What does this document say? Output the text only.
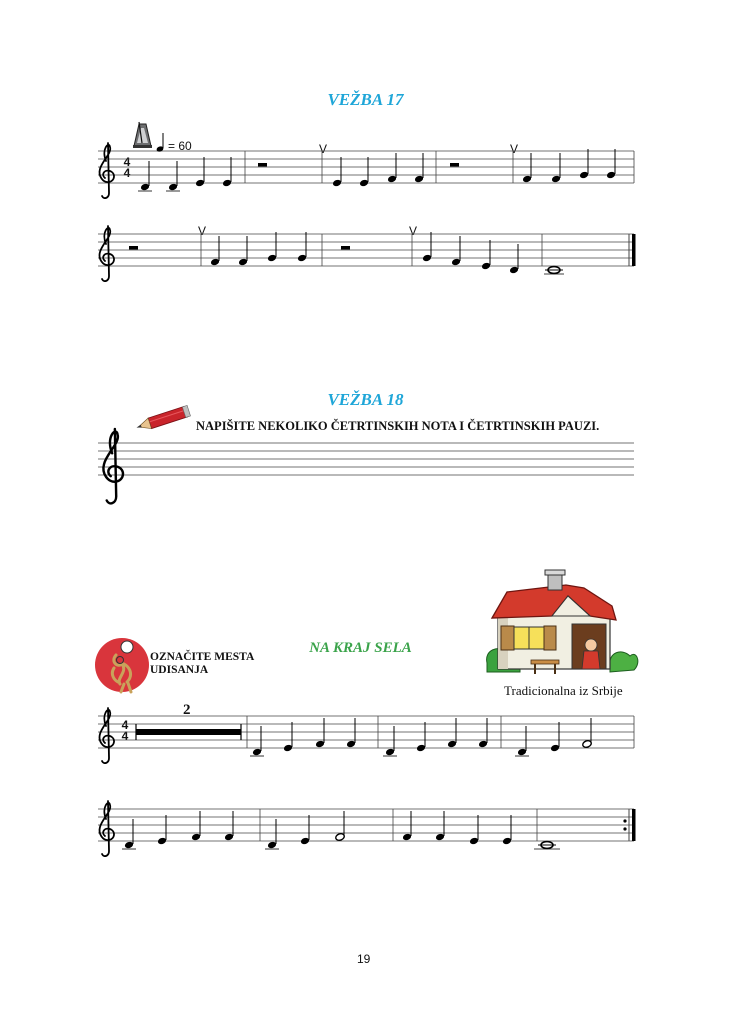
VEŽBA 17
VEŽBA 18
NA KRAJ SELA
= 60
NAPIŠITE NEKOLIKO ČETRTINSKIH NOTA I ČETRTINSKIH PAUZI.
OZNAČITE MESTA
UDISANJA
Tradicionalna iz Srbije
19
2
4
4
4
4
V	V
V	V
